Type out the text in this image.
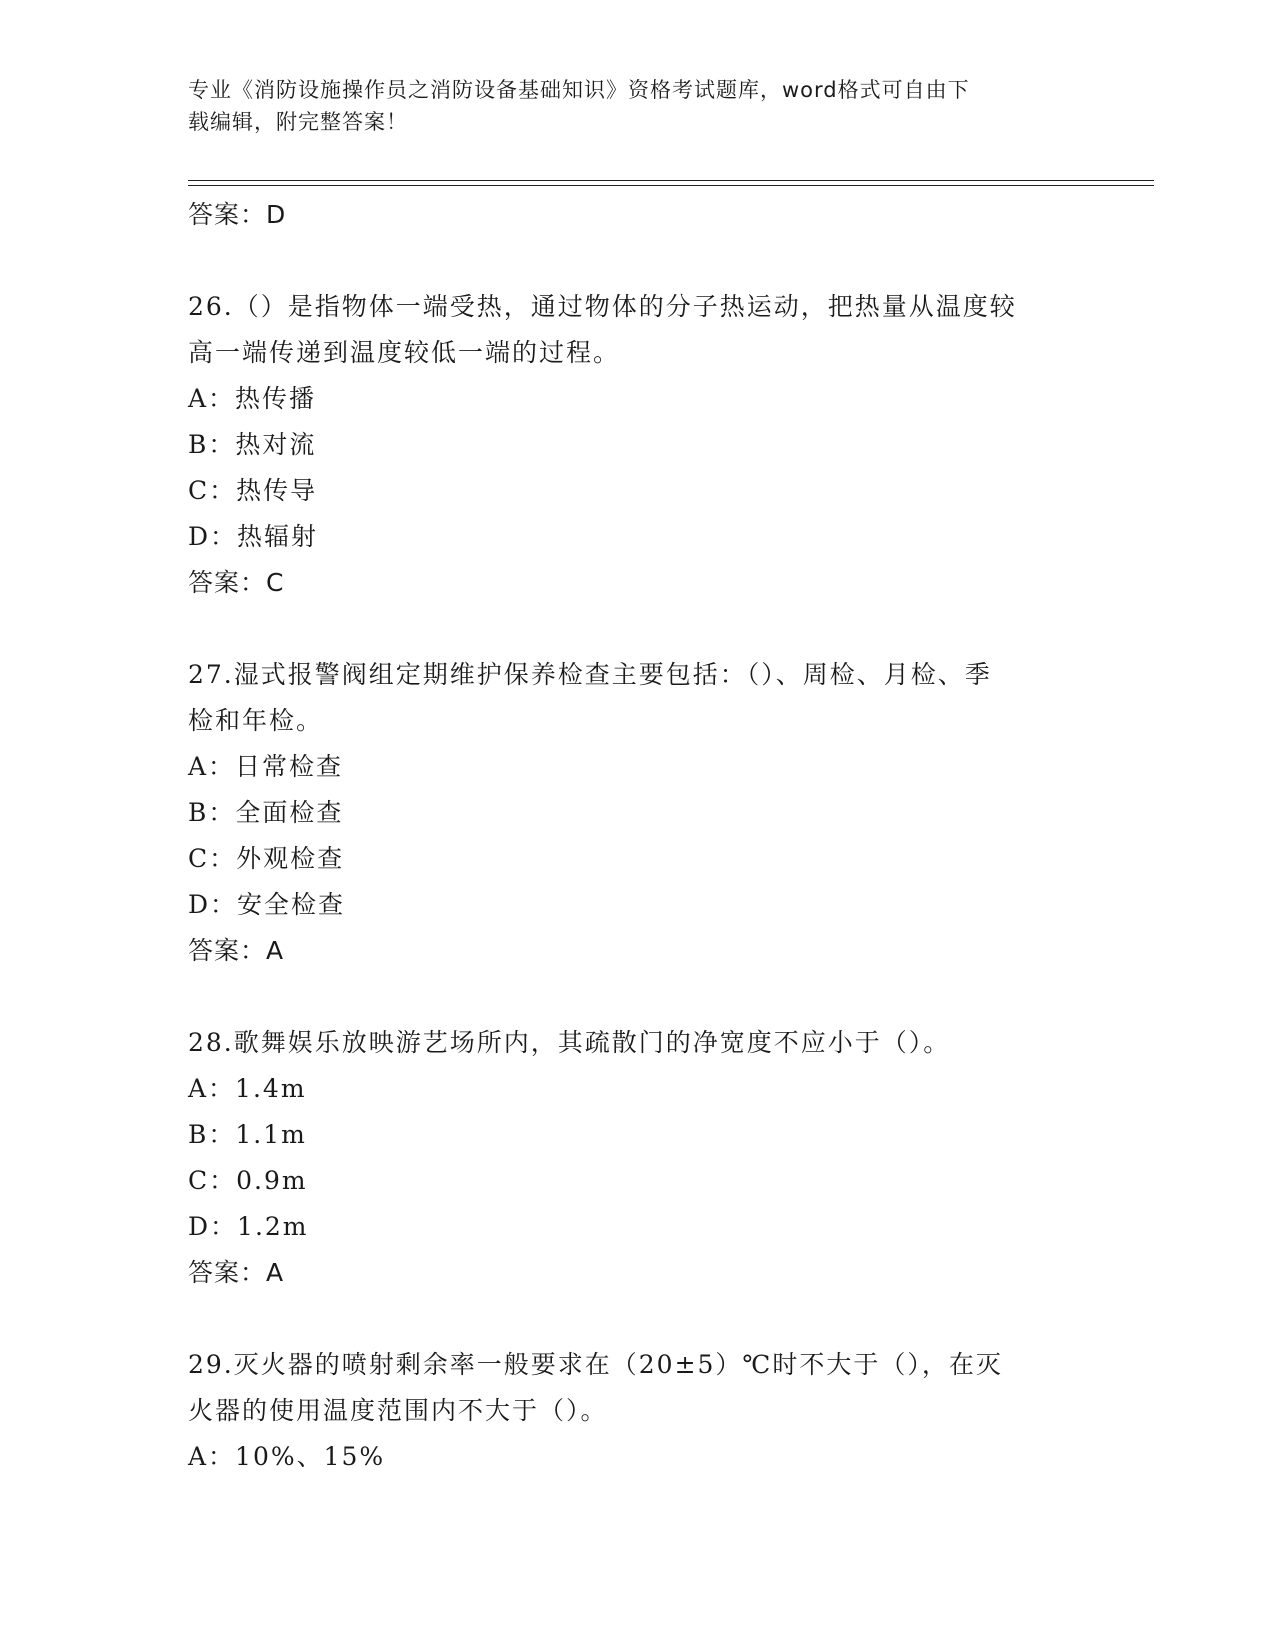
专业《消防设施操作员之消防设备基础知识》资格考试题库，word格式可自由下
载编辑，附完整答案！

答案：D

26.（）是指物体一端受热，通过物体的分子热运动，把热量从温度较

高一端传递到温度较低一端的过程。

A：热传播

B：热对流

C：热传导

D：热辐射

答案：C

27.湿式报警阀组定期维护保养检查主要包括：（）、周检、月检、季

检和年检。

A：日常检查

B：全面检查

C：外观检查

D：安全检查

答案：A

28.歌舞娱乐放映游艺场所内，其疏散门的净宽度不应小于（）。

A：1.4m

B：1.1m

C：0.9m

D：1.2m

答案：A

29.灭火器的喷射剩余率一般要求在（20±5）℃时不大于（），在灭

火器的使用温度范围内不大于（）。

A：10%、15%
